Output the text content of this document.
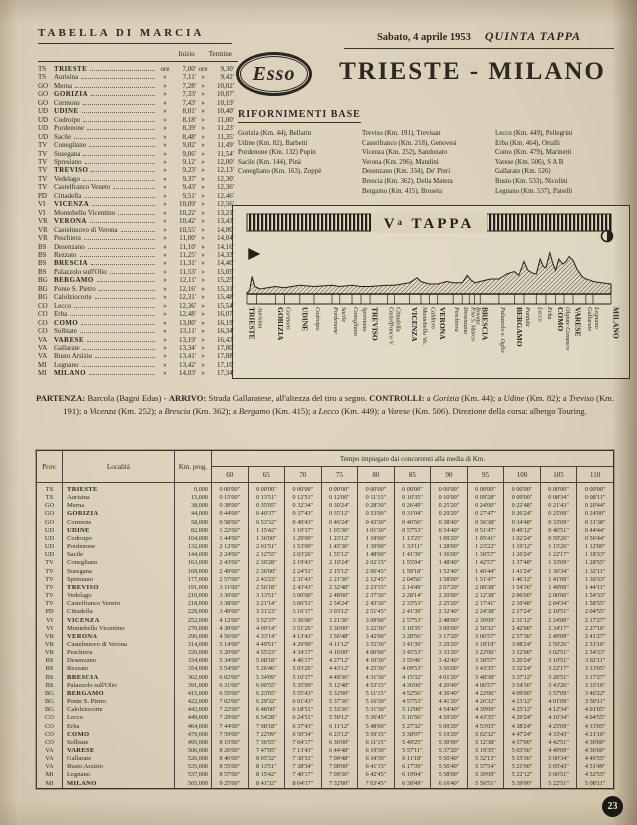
TABELLA DI MARCIA
Inizio Termine
TS	TRIESTE	ore	7,00' ore	9,30'
TS	Aurisina	»	7,11' »	9,42'
GO Merna	»	7,28' »	10,02'
GO GORIZIA	»	7,33' »	10,07'
GO Cormons	»	7,43' »	10,19'
UD UDINE	»	8,01' »	10,40'
UD Codroipo	»	8,18' »	11,00'
UD Pordenone	»	8,39' »	11,23'
UD Sacile	»	8,48' »	11,35'
TV Conegliano	»	9,02' »	11,49'
TV Susegana	»	9,06' »	11,54'
TV Spresiano	»	9,12' »	12,00'
TV TREVISO	»	9,23' »	12,13'
TV Vedelago	»	9,37' »	12,30'
TV Castelfranco Veneto	»	9,43' »	12,36'
PD	Cittadella	»	9,51' »	12,46'
VI	VICENZA	»	10,09' »	12,56'
VI	Montebello Vicentino	»	10,22' »	13,21'
VR VERONA	»	10,42' »	13,43'
VR Castelnuovo di Verona	»	10,55' »	14,00'
VR Peschiera	»	11,00' »	14,04'
BS	Desenzano	»	11,10' »	14,16'
BS	Rezzato	»	11,25' »	14,33'
BS	BRESCIA	»	11,31' »	14,40'
BS	Palazzolo sull'Olio	»	11,53' »	15,05'
BG BERGAMO	»	12,11' »	15,25'
BG Ponte S. Pietro	»	12,16' »	15,31'
BG Calolziocorte	»	12,31' »	15,48'
CO Lecco	»	12,36' »	15,54'
CO Erba	»	12,48' »	16,07'
CO COMO	»	13,00' »	16,19'
CO Solbiate	»	13,11' »	16,34'
VA VARESE	»	13,19' »	16,43'
VA Gallarate	»	13,34' »	17,00'
VA Busto Arsizio	»	13,41' »	17,08'
MI	Legnano	»	13,42' »	17,10'
MI	MILANO	»	14,03' »	17,34'
Sabato, 4 aprile 1953 QUINTA TAPPA
TRIESTE - MILANO
Esso
RIFORNIMENTI BASE
Gorizia (Km. 44), Bellarin
Udine (Km. 82), Barbetti
Pordenone (Km. 132) Pupin
Sacile (Km. 144), Pinà
Conegliano (Km. 163), Zoppè
Treviso (Km. 191), Trevisan
Castelfranco (Km. 218), Genovesi
Vicenza (Km. 252), Sandonato
Verona (Km. 296), Mandini
Desenzano (Km. 334), De' Pieri
Brescia (Km. 362), Della Matera
Bergamo (Km. 415), Broseta
Lecco (Km. 449), Pellegrini
Erba (Km. 464), Ortalli
Como (Km. 479), Marinetti
Varese (Km. 506), S A B
Gallarate (Km. 526)
Busto (Km. 533), Nicolini
Legnano (Km. 537), Panelli
Va TAPPA
TRIESTE Aurisina GORIZIA Cormons UDINE Codroipo Pordenone Sacile Conegliano Spresiano TREVISO Castelfranco V. Cittadella VICENZA Montebello Vic. Caldiero VERONA Peschiera Desenzano P.so S. Marco
Rovato BRESCIA Palazzolo s. Oglio BERGAMO Pontida Lecco Erba COMO
Olgiate Comasco VARESE Gallarate Legnano MILANO
PARTENZA: Barcola (Bagni Edas) - ARRIVO: Strada Gallaratese, all'altezza del tiro a segno. CONTROLLI: a Gorizia (Km. 44); a Udine (Km. 82); a Treviso (Km. 191); a Vicenza (Km. 252); a Brescia (Km. 362); a Bergamo (Km. 415); a Lecco (Km. 449); a Varese (Km. 506). Direzione della corsa: albergo Touring.
Prov.	Località	Km. prog.	Tempo impiegato dai concorrenti alla media di Km.										
			60	65	70	75	80	85	90	95	100	105	110
TS	TRIESTE	0,000	0 00'00"	0 00'00"	0 00'00"	0 00'00"	0 00'00"	0 00'00"	0 00'00"	0 00'00"	0 00'00"	0 00'00"	0 00'00"
TS	Aurisina	15,000	0 15'00"	0 13'51"	0 12'51"	0 12'00"	0 11'15"	0 10'35"	0 10'00"	0 09'28"	0 09'00"	0 08'34"	0 08'11"
GO	Merna	38,000	0 38'00"	0 35'05"	0 32'34"	0 30'24"	0 28'30"	0 26'49"	0 25'20"	0 24'00"	0 22'48"	0 21'43"	0 20'44"
GO	GORIZIA	44,000	0 44'00"	0 40'37"	0 37'43"	0 35'12"	0 33'00"	0 31'04"	0 29'20"	0 27'47"	0 26'24"	0 25'09"	0 24'00"
GO	Cormons	58,000	0 58'00"	0 53'32"	0 49'43"	0 46'24"	0 43'30"	0 40'56"	0 38'40"	0 36'38"	0 34'48"	0 33'09"	0 31'38"
UD	UDINE	82,000	1 22'00"	1 15'42"	1 10'17"	1 05'36"	1 01'30"	0 57'53"	0 54'40"	0 51'47"	0 49'12"	0 46'51"	0 44'44"
UD	Codroipo	104,000	1 44'00"	1 36'00"	1 29'09"	1 23'12"	1 18'00"	1 13'25"	1 09'20"	1 05'41"	1 02'24"	0 59'26"	0 56'44"
UD	Pordenone	132,000	2 12'00"	2 01'51"	1 53'09"	1 45'36"	1 39'00"	1 33'11"	1 28'00"	1 23'22"	1 19'12"	1 15'26"	1 12'00"
UD	Sacile	144,000	2 24'00"	2 12'55"	2 03'26"	1 55'12"	1 48'00"	1 41'39"	1 36'00"	1 30'57"	1 26'24"	1 22'17"	1 18'33"
TV	Conegliano	163,000	2 43'00"	2 30'28"	2 19'43"	2 10'24"	2 02'15"	1 55'04"	1 48'40"	1 42'57"	1 37'48"	1 33'09"	1 28'55"
TV	Susegana	169,000	2 49'00"	2 36'00"	2 24'51"	2 15'12"	2 06'45"	1 59'18"	1 52'40"	1 46'44"	1 41'24"	1 36'34"	1 32'11"
TV	Spresiano	177,000	2 57'00"	2 43'23"	2 31'43"	2 21'36"	2 12'45"	2 04'56"	1 58'00"	1 51'47"	1 46'12"	1 41'09"	1 36'33"
TV	TREVISO	191,000	3 11'00"	2 56'18"	2 43'43"	2 32'48"	2 23'15"	2 14'49"	2 07'20"	2 00'38"	1 54'36"	1 49'09"	1 44'11"
TV	Vedelago	210,000	3 30'00"	3 13'51"	3 00'00"	2 48'00"	2 37'30"	2 28'14"	2 20'00"	2 12'38"	2 06'00"	2 00'00"	1 54'33"
TV	Castelfranco Veneto	218,000	3 38'00"	3 21'14"	3 06'51"	2 54'24"	2 43'30"	2 33'53"	2 25'20"	2 17'41"	2 10'48"	2 04'34"	1 58'55"
PD	Cittadella	229,000	3 49'00"	3 31'23"	3 16'17"	3 03'12"	2 51'45"	2 41'39"	2 32'40"	2 24'38"	2 17'24"	2 10'51"	2 04'55"
VI	VICENZA	252,000	4 12'00"	3 52'37"	3 36'00"	3 21'36"	3 09'00"	2 57'53"	2 48'00"	2 39'09"	2 31'12"	2 24'00"	2 17'27"
VI	Montebello Vicentino	270,000	4 30'00"	4 09'14"	3 51'26"	3 36'00"	3 22'30"	3 10'35"	3 00'00"	2 50'32"	2 42'00"	2 34'17"	2 27'16"
VR	VERONA	296,000	4 56'00"	4 33'14"	4 13'43"	3 56'48"	3 42'00"	3 28'56"	3 17'20"	3 06'57"	2 57'36"	2 49'09"	2 41'27"
VR	Castelnuovo di Verona	314,000	5 14'00"	4 49'51"	4 29'09"	4 11'12"	3 55'30"	3 41'39"	3 29'20"	3 18'19"	3 08'24"	2 59'26"	2 51'16"
VR	Peschiera	320,000	5 20'00"	4 55'23"	4 34'17"	4 16'00"	4 00'00"	3 45'53"	3 33'20"	3 22'06"	3 12'00"	3 02'51"	2 54'33"
BS	Desenzano	334,000	5 34'00"	5 08'18"	4 46'17"	4 27'12"	4 10'30"	3 55'46"	3 42'40"	3 30'57"	3 20'24"	3 10'51"	3 02'11"
BS	Rezzato	354,000	5 54'00"	5 26'46"	5 03'26"	4 43'12"	4 25'30"	4 09'53"	3 56'00"	3 43'35"	3 32'24"	3 22'17"	3 13'05"
BS	BRESCIA	362,000	6 02'00"	5 34'09"	5 10'17"	4 49'36"	4 31'30"	4 15'32"	4 01'20"	3 48'38"	3 37'12"	3 26'51"	3 17'27"
BS	Palazzolo sull'Olio	391,000	6 31'00"	6 00'55"	5 35'09"	5 12'48"	4 53'15"	4 36'00"	4 20'40"	4 06'57"	3 54'36"	3 43'26"	3 33'16"
BG	BERGAMO	415,000	6 55'00"	6 23'05"	5 55'43"	5 32'00"	5 11'15"	4 52'56"	4 36'40"	4 22'06"	4 09'00"	3 57'09"	3 46'22"
BG	Ponte S. Pietro	422,000	7 02'00"	6 29'32"	6 01'43"	5 37'36"	5 16'30"	4 57'53"	4 41'20"	4 26'32"	4 13'12"	4 01'09"	3 50'11"
BG	Calolziocorte	442,000	7 22'00"	6 48'00"	6 18'51"	5 53'36"	5 31'30"	5 12'00"	4 54'40"	4 39'09"	4 25'12"	4 12'34"	4 01'05"
CO	Lecco	449,000	7 29'00"	6 54'28"	6 24'51"	5 59'12"	5 36'45"	5 16'56"	4 59'20"	4 43'35"	4 29'24"	4 16'34"	4 04'55"
CO	Erba	464,000	7 44'00"	7 08'18"	6 37'43"	6 11'12"	5 48'00"	5 27'32"	5 09'20"	4 53'03"	4 38'24"	4 25'09"	4 13'05"
CO	COMO	479,000	7 59'00"	7 22'09"	6 50'34"	6 23'12"	5 59'15"	5 38'07"	5 19'20"	5 02'32"	4 47'24"	4 33'43"	4 21'16"
CO	Solbiate	495,000	8 15'00"	7 36'55"	7 04'17"	6 36'00"	6 11'15"	5 49'25"	5 30'00"	5 12'38"	4 57'00"	4 42'51"	4 30'00"
VA	VARESE	506,000	8 26'00"	7 47'05"	7 13'43"	6 44'48"	6 19'30"	5 57'11"	5 37'20"	5 19'35"	5 03'36"	4 49'09"	4 36'00"
VA	Gallarate	526,000	8 46'00"	8 05'32"	7 30'51"	7 00'48"	6 34'30"	6 11'18"	5 50'40"	5 32'13"	5 15'36"	5 00'34"	4 46'55"
VA	Busto Arsizio	535,000	8 55'00"	8 13'51"	7 38'34"	7 08'00"	6 41'15"	6 17'39"	5 56'40"	5 37'54"	5 21'00"	5 05'43"	4 51'49"
MI	Legnano	537,000	8 57'00"	8 15'42"	7 40'17"	7 09'36"	6 42'45"	6 19'04"	5 58'00"	5 39'09"	5 22'12"	5 06'51"	4 52'55"
MI	MILANO	565,000	9 25'00"	8 41'32"	8 04'17"	7 32'00"	7 03'45"	6 38'49"	6 16'40"	5 56'51"	5 39'00"	5 22'51"	5 08'11"
23
